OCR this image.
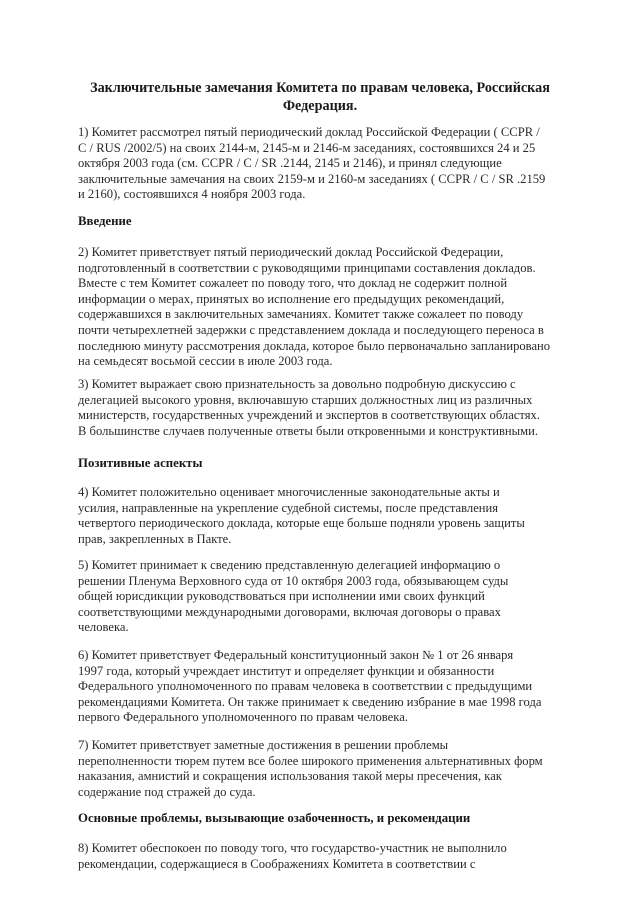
Заключительные замечания Комитета по правам человека, Российская
Федерация.
1) Комитет рассмотрел пятый периодический доклад Российской Федерации ( CCPR /
C / RUS /2002/5) на своих 2144-м, 2145-м и 2146-м заседаниях, состоявшихся 24 и 25
октября 2003 года (см. CCPR / C / SR .2144, 2145 и 2146), и принял следующие
заключительные замечания на своих 2159-м и 2160-м заседаниях ( CCPR / C / SR .2159
и 2160), состоявшихся 4 ноября 2003 года.
Введение
2) Комитет приветствует пятый периодический доклад Российской Федерации,
подготовленный в соответствии с руководящими принципами составления докладов.
Вместе с тем Комитет сожалеет по поводу того, что доклад не содержит полной
информации о мерах, принятых во исполнение его предыдущих рекомендаций,
содержавшихся в заключительных замечаниях. Комитет также сожалеет по поводу
почти четырехлетней задержки с представлением доклада и последующего переноса в
последнюю минуту рассмотрения доклада, которое было первоначально запланировано
на семьдесят восьмой сессии в июле 2003 года.
3) Комитет выражает свою признательность за довольно подробную дискуссию с
делегацией высокого уровня, включавшую старших должностных лиц из различных
министерств, государственных учреждений и экспертов в соответствующих областях.
В большинстве случаев полученные ответы были откровенными и конструктивными.
Позитивные аспекты
4) Комитет положительно оценивает многочисленные законодательные акты и
усилия, направленные на укрепление судебной системы, после представления
четвертого периодического доклада, которые еще больше подняли уровень защиты
прав, закрепленных в Пакте.
5) Комитет принимает к сведению представленную делегацией информацию о
решении Пленума Верховного суда от 10 октября 2003 года, обязывающем суды
общей юрисдикции руководствоваться при исполнении ими своих функций
соответствующими международными договорами, включая договоры о правах
человека.
6) Комитет приветствует Федеральный конституционный закон № 1 от 26 января
1997 года, который учреждает институт и определяет функции и обязанности
Федерального уполномоченного по правам человека в соответствии с предыдущими
рекомендациями Комитета. Он также принимает к сведению избрание в мае 1998 года
первого Федерального уполномоченного по правам человека.
7) Комитет приветствует заметные достижения в решении проблемы
переполненности тюрем путем все более широкого применения альтернативных форм
наказания, амнистий и сокращения использования такой меры пресечения, как
содержание под стражей до суда.
Основные проблемы, вызывающие озабоченность, и рекомендации
8) Комитет обеспокоен по поводу того, что государство-участник не выполнило
рекомендации, содержащиеся в Соображениях Комитета в соответствии с
